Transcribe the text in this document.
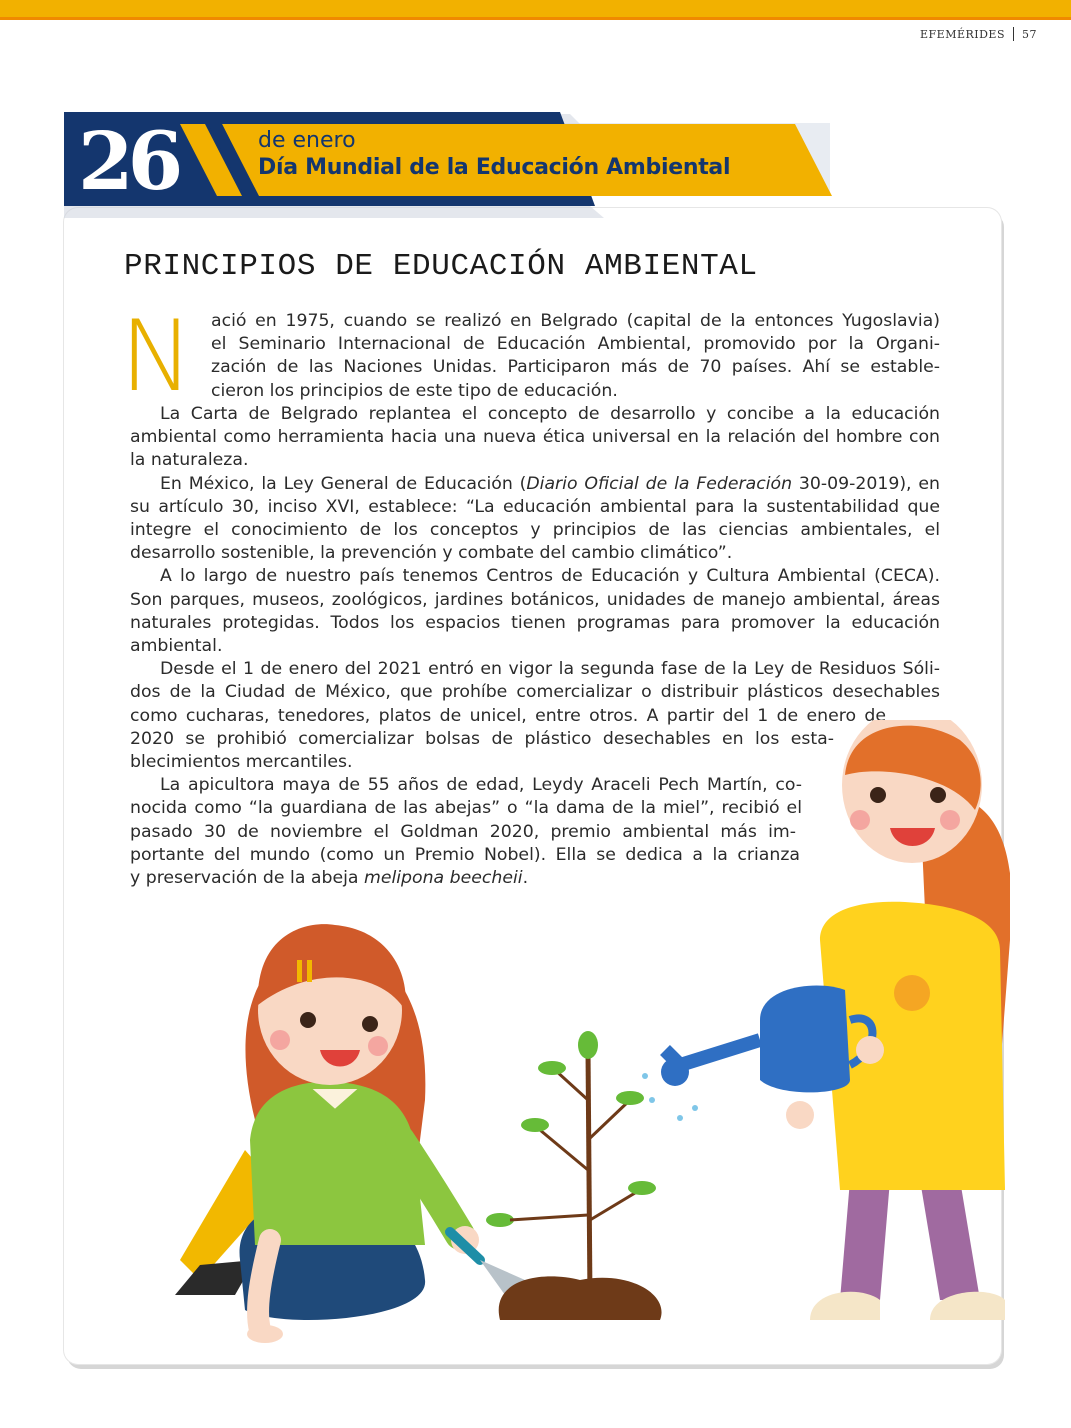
EFEMÉRIDES 57
26	de enero
Día Mundial de la Educación Ambiental
PRINCIPIOS DE EDUCACIÓN AMBIENTAL
N ació en 1975, cuando se realizó en Belgrado (capital de la entonces Yugoslavia)

el Seminario Internacional de Educación Ambiental, promovido por la Organi-

zación de las Naciones Unidas. Participaron más de 70 países. Ahí se estable-

cieron los principios de este tipo de educación.

La Carta de Belgrado replantea el concepto de desarrollo y concibe a la educación ambiental como herramienta hacia una nueva ética universal en la relación del hombre con la naturaleza.

En México, la Ley General de Educación (Diario Oficial de la Federación 30-09-2019), en su artículo 30, inciso XVI, establece: “La educación ambiental para la sustentabilidad que integre el conocimiento de los conceptos y principios de las ciencias ambientales, el desarrollo sostenible, la prevención y combate del cambio climático”.

A lo largo de nuestro país tenemos Centros de Educación y Cultura Ambiental (CECA). Son parques, museos, zoológicos, jardines botánicos, unidades de manejo ambiental, áreas naturales protegidas. Todos los espacios tienen programas para promover la educación ambiental.

Desde el 1 de enero del 2021 entró en vigor la segunda fase de la Ley de Residuos Sóli-

dos de la Ciudad de México, que prohíbe comercializar o distribuir plásticos desechables

como cucharas, tenedores, platos de unicel, entre otros. A partir del 1 de enero de

2020 se prohibió comercializar bolsas de plástico desechables en los esta-

blecimientos mercantiles.

La apicultora maya de 55 años de edad, Leydy Araceli Pech Martín, co-

nocida como “la guardiana de las abejas” o “la dama de la miel”, recibió el

pasado 30 de noviembre el Goldman 2020, premio ambiental más im-

portante del mundo (como un Premio Nobel). Ella se dedica a la crianza

y preservación de la abeja melipona beecheii.
